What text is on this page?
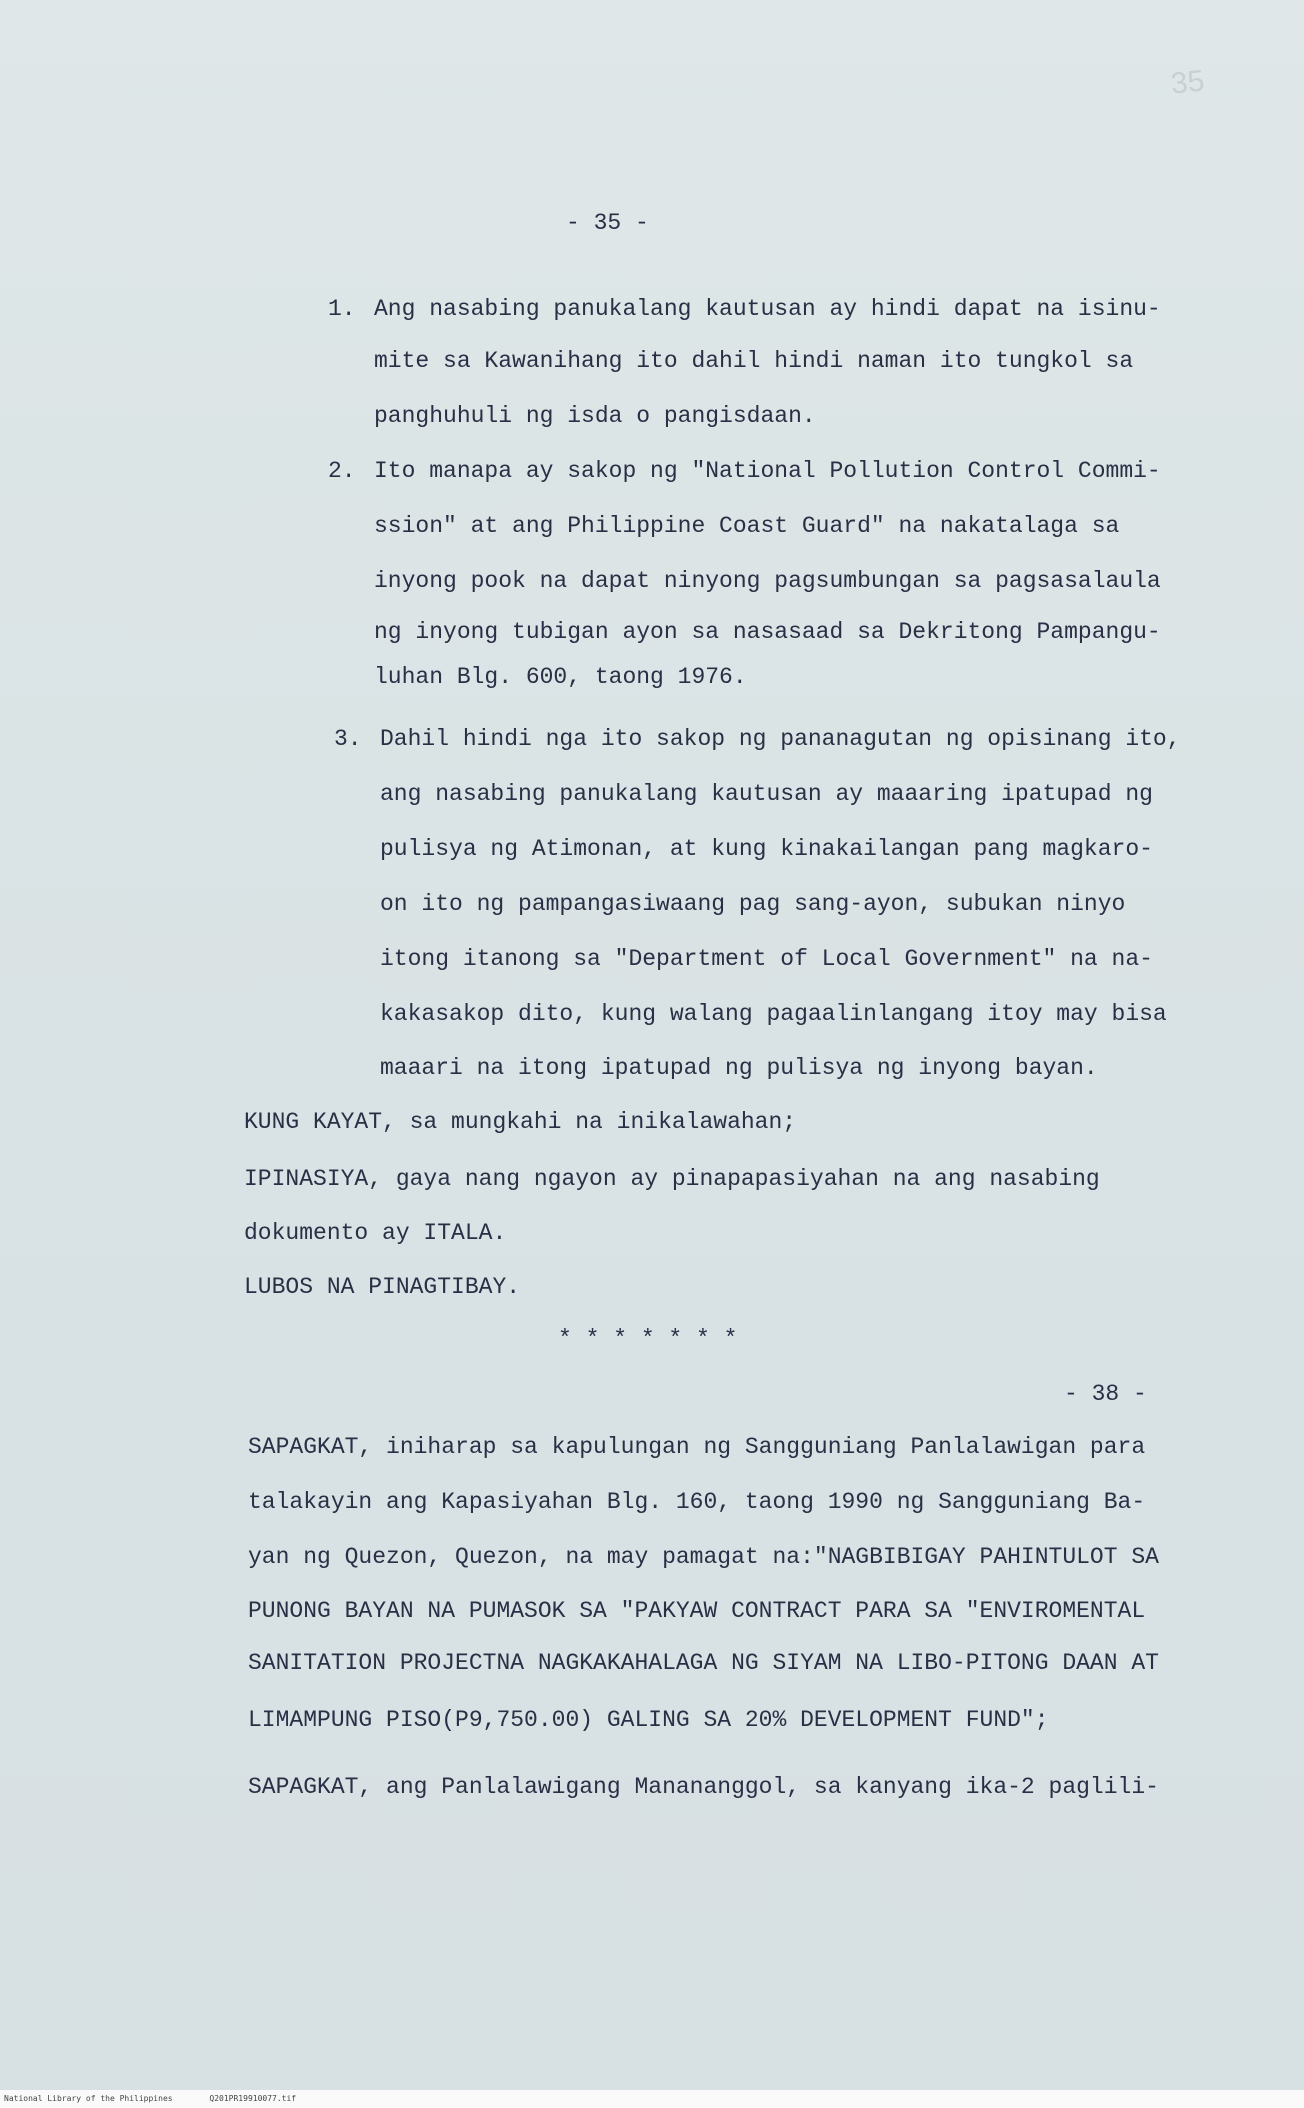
35
- 35 -
1. Ang nasabing panukalang kautusan ay hindi dapat na isinu-
mite sa Kawanihang ito dahil hindi naman ito tungkol sa
panghuhuli ng isda o pangisdaan.
2. Ito manapa ay sakop ng "National Pollution Control Commi-
ssion" at ang Philippine Coast Guard" na nakatalaga sa
inyong pook na dapat ninyong pagsumbungan sa pagsasalaula
ng inyong tubigan ayon sa nasasaad sa Dekritong Pampangu-
luhan Blg. 600, taong 1976.
3. Dahil hindi nga ito sakop ng pananagutan ng opisinang ito,
ang nasabing panukalang kautusan ay maaaring ipatupad ng
pulisya ng Atimonan, at kung kinakailangan pang magkaro-
on ito ng pampangasiwaang pag sang-ayon, subukan ninyo
itong itanong sa "Department of Local Government" na na-
kakasakop dito, kung walang pagaalinlangang itoy may bisa
maaari na itong ipatupad ng pulisya ng inyong bayan.
KUNG KAYAT, sa mungkahi na inikalawahan;
IPINASIYA, gaya nang ngayon ay pinapapasiyahan na ang nasabing
dokumento ay ITALA.
LUBOS NA PINAGTIBAY.
* * * * * * *
- 38 -
SAPAGKAT, iniharap sa kapulungan ng Sangguniang Panlalawigan para
talakayin ang Kapasiyahan Blg. 160, taong 1990 ng Sangguniang Ba-
yan ng Quezon, Quezon, na may pamagat na:"NAGBIBIGAY PAHINTULOT SA
PUNONG BAYAN NA PUMASOK SA "PAKYAW CONTRACT PARA SA "ENVIROMENTAL
SANITATION PROJECTNA NAGKAKAHALAGA NG SIYAM NA LIBO-PITONG DAAN AT
LIMAMPUNG PISO(P9,750.00) GALING SA 20% DEVELOPMENT FUND";
SAPAGKAT, ang Panlalawigang Manananggol, sa kanyang ika-2 paglili-
National Library of the Philippines	Q201PR19910077.tif
